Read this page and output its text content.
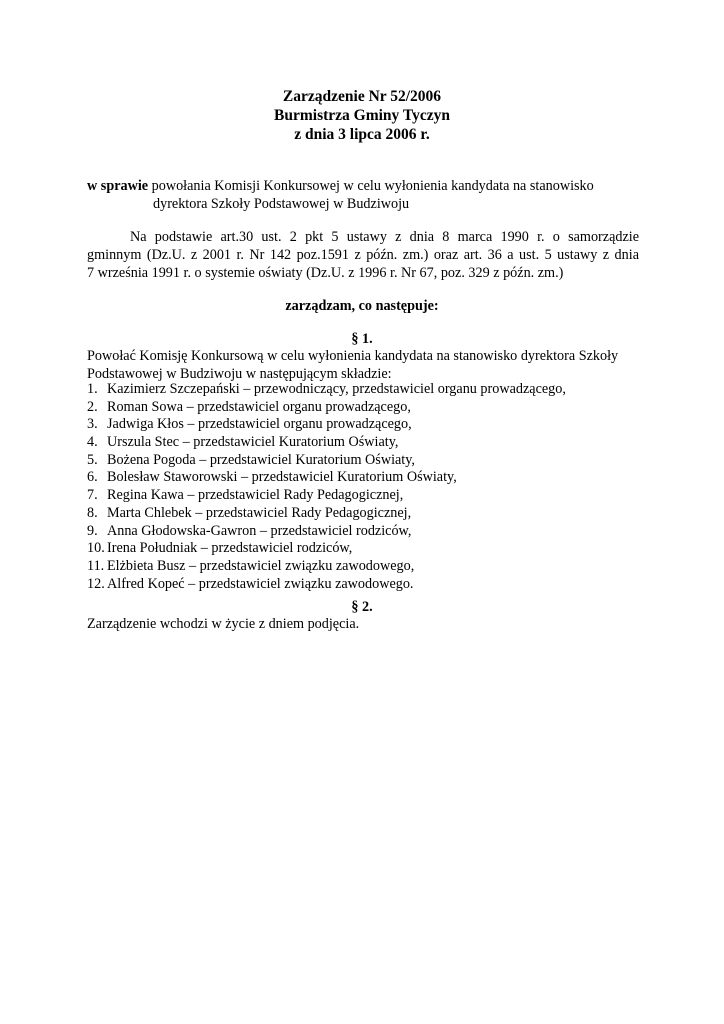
Zarządzenie Nr 52/2006
Burmistrza Gminy Tyczyn
z dnia 3 lipca 2006 r.
w sprawie powołania Komisji Konkursowej w celu wyłonienia kandydata na stanowisko
dyrektora Szkoły Podstawowej w Budziwoju
Na podstawie art.30 ust. 2 pkt 5 ustawy z dnia 8 marca 1990 r. o samorządzie
gminnym (Dz.U. z 2001 r. Nr 142 poz.1591 z późn. zm.) oraz art. 36 a ust. 5 ustawy z dnia
7 września 1991 r. o systemie oświaty (Dz.U. z 1996 r. Nr 67, poz. 329 z późn. zm.)
zarządzam, co następuje:
§ 1.
Powołać Komisję Konkursową w celu wyłonienia kandydata na stanowisko dyrektora Szkoły
Podstawowej w Budziwoju w następującym składzie:
1. Kazimierz Szczepański – przewodniczący, przedstawiciel organu prowadzącego,
2. Roman Sowa – przedstawiciel organu prowadzącego,
3. Jadwiga Kłos – przedstawiciel organu prowadzącego,
4. Urszula Stec – przedstawiciel Kuratorium Oświaty,
5. Bożena Pogoda – przedstawiciel Kuratorium Oświaty,
6. Bolesław Staworowski – przedstawiciel Kuratorium Oświaty,
7. Regina Kawa – przedstawiciel Rady Pedagogicznej,
8. Marta Chlebek – przedstawiciel Rady Pedagogicznej,
9. Anna Głodowska-Gawron – przedstawiciel rodziców,
10. Irena Południak – przedstawiciel rodziców,
11. Elżbieta Busz – przedstawiciel związku zawodowego,
12. Alfred Kopeć – przedstawiciel związku zawodowego.
§ 2.
Zarządzenie wchodzi w życie z dniem podjęcia.
